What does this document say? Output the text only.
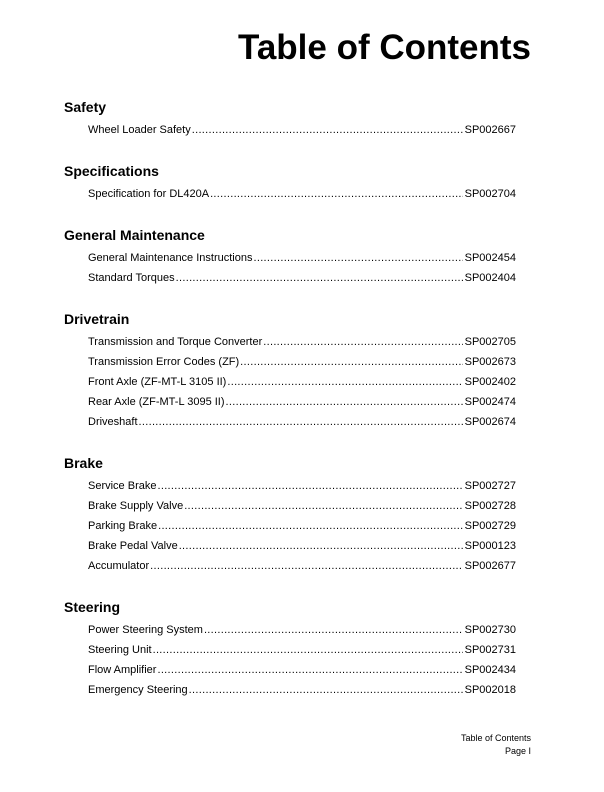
Table of Contents
Safety
Wheel Loader Safety .....	SP002667
Specifications
Specification for DL420A .....	SP002704
General Maintenance
General Maintenance Instructions .....	SP002454
Standard Torques .....	SP002404
Drivetrain
Transmission and Torque Converter .....	SP002705
Transmission Error Codes (ZF) .....	SP002673
Front Axle (ZF-MT-L 3105 II) .....	SP002402
Rear Axle (ZF-MT-L 3095 II) .....	SP002474
Driveshaft .....	SP002674
Brake
Service Brake .....	SP002727
Brake Supply Valve .....	SP002728
Parking Brake .....	SP002729
Brake Pedal Valve .....	SP000123
Accumulator .....	SP002677
Steering
Power Steering System .....	SP002730
Steering Unit .....	SP002731
Flow Amplifier .....	SP002434
Emergency Steering .....	SP002018
Table of Contents
Page I
